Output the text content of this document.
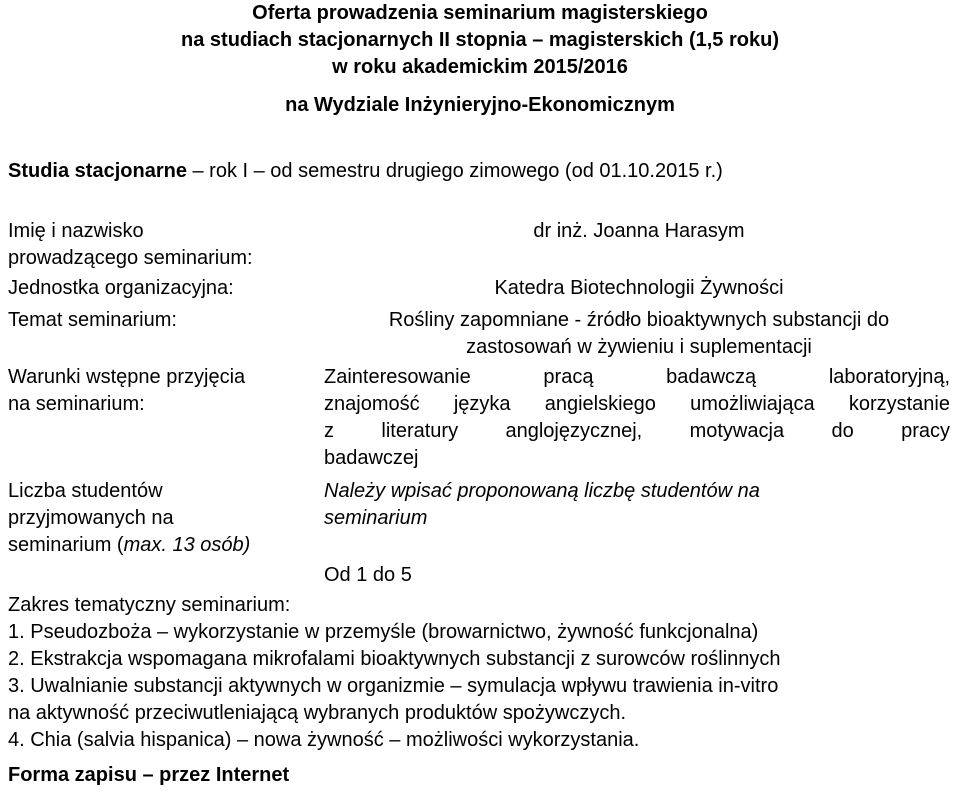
Oferta prowadzenia seminarium magisterskiego
na studiach stacjonarnych II stopnia – magisterskich (1,5 roku)
w roku akademickim 2015/2016
na Wydziale Inżynieryjno-Ekonomicznym
Studia stacjonarne – rok I – od semestru drugiego zimowego (od 01.10.2015 r.)
Imię i nazwisko
prowadzącego seminarium:
dr inż. Joanna Harasym
Jednostka organizacyjna:	Katedra Biotechnologii Żywności
Temat seminarium:	Rośliny zapomniane - źródło bioaktywnych substancji do
zastosowań w żywieniu i suplementacji
Warunki wstępne przyjęcia
na seminarium:
Zainteresowanie pracą badawczą laboratoryjną,
znajomość języka angielskiego umożliwiająca korzystanie
z literatury anglojęzycznej, motywacja do pracy
badawczej
Liczba studentów
przyjmowanych na
seminarium (max. 13 osób)
Należy wpisać proponowaną liczbę studentów na
seminarium
Od 1 do 5
Zakres tematyczny seminarium:
1. Pseudozboża – wykorzystanie w przemyśle (browarnictwo, żywność funkcjonalna)
2. Ekstrakcja wspomagana mikrofalami bioaktywnych substancji z surowców roślinnych
3. Uwalnianie substancji aktywnych w organizmie – symulacja wpływu trawienia in-vitro
na aktywność przeciwutleniającą wybranych produktów spożywczych.
4. Chia (salvia hispanica) – nowa żywność – możliwości wykorzystania.
Forma zapisu – przez Internet
